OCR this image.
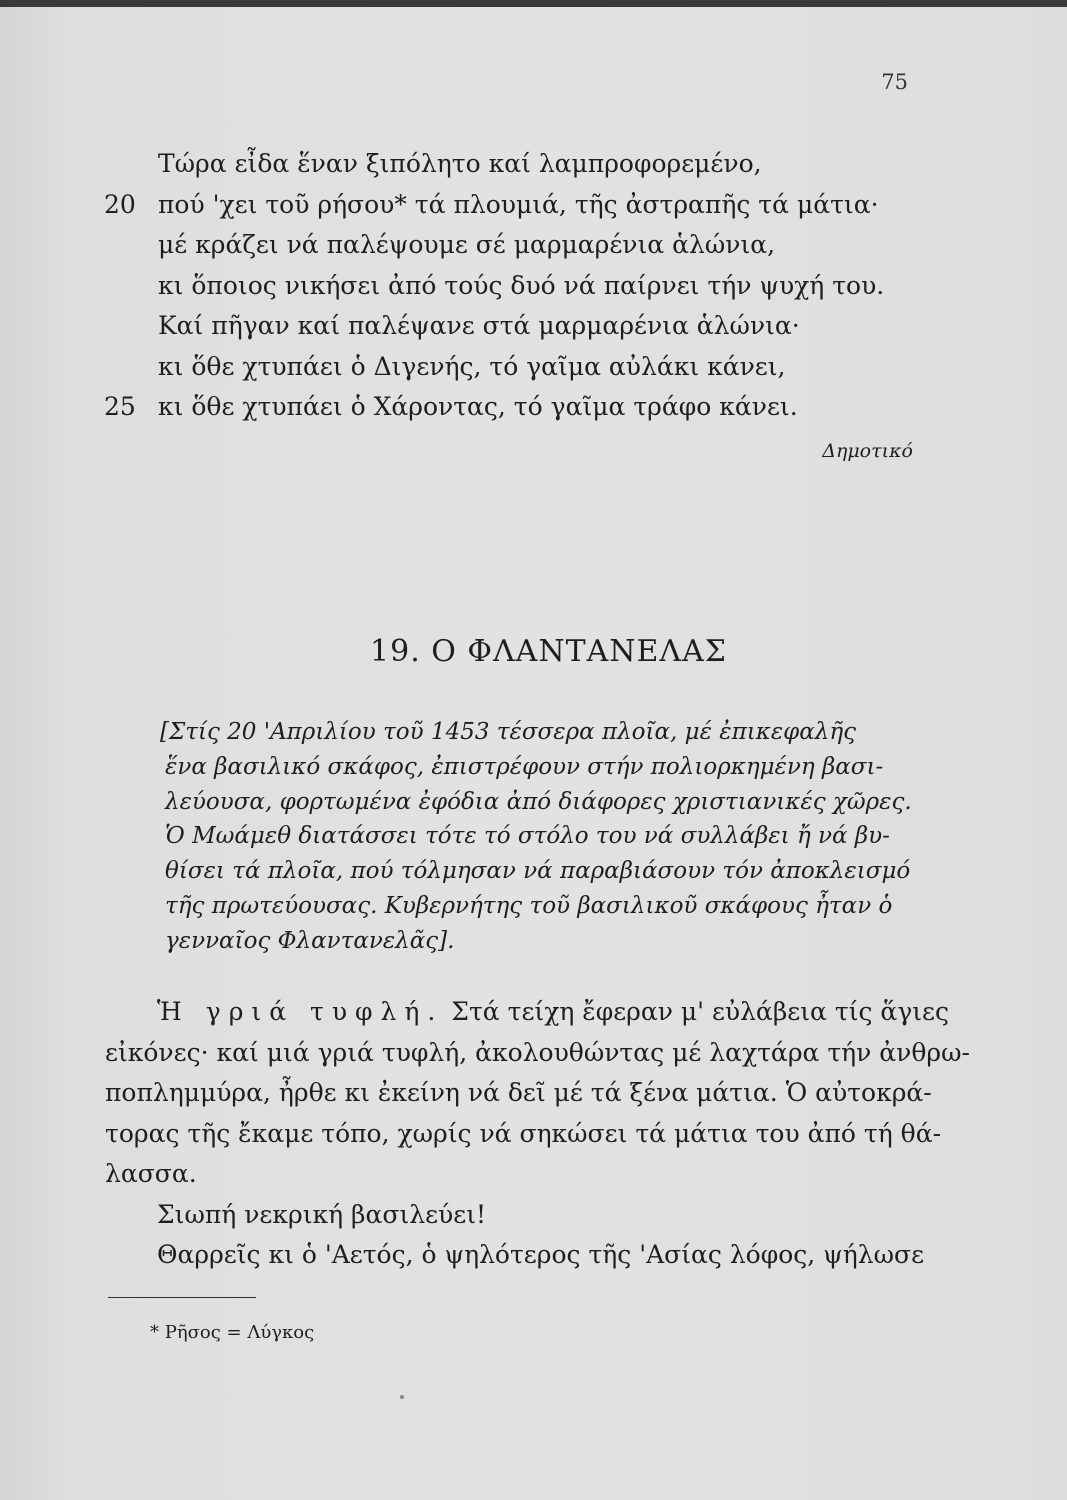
75
Τώρα εἶδα ἕναν ξιπόλητο καί λαμπροφορεμένο,
20 πού 'χει τοῦ ρήσου* τά πλουμιά, τῆς ἀστραπῆς τά μάτια·
μέ κράζει νά παλέψουμε σέ μαρμαρένια ἁλώνια,
κι ὅποιος νικήσει ἀπό τούς δυό νά παίρνει τήν ψυχή του.
Καί πῆγαν καί παλέψανε στά μαρμαρένια ἁλώνια·
κι ὅθε χτυπάει ὁ Διγενής, τό γαῖμα αὐλάκι κάνει,
25 κι ὅθε χτυπάει ὁ Χάροντας, τό γαῖμα τράφο κάνει.
Δημοτικό
19. Ο ΦΛΑΝΤΑΝΕΛΑΣ
[Στίς 20 'Απριλίου τοῦ 1453 τέσσερα πλοῖα, μέ ἐπικεφαλῆς
ἕνα βασιλικό σκάφος, ἐπιστρέφουν στήν πολιορκημένη βασι-
λεύουσα, φορτωμένα ἐφόδια ἀπό διάφορες χριστιανικές χῶρες.
Ὁ Μωάμεθ διατάσσει τότε τό στόλο του νά συλλάβει ἤ νά βυ-
θίσει τά πλοῖα, πού τόλμησαν νά παραβιάσουν τόν ἀποκλεισμό
τῆς πρωτεύουσας. Κυβερνήτης τοῦ βασιλικοῦ σκάφους ἦταν ὁ
γενναῖος Φλαντανελᾶς].
Ἡ γριά τυφλή. Στά τείχη ἔφεραν μ' εὐλάβεια τίς ἅγιες
εἰκόνες· καί μιά γριά τυφλή, ἀκολουθώντας μέ λαχτάρα τήν ἀνθρω-
ποπλημμύρα, ἦρθε κι ἐκείνη νά δεῖ μέ τά ξένα μάτια. Ὁ αὐτοκρά-
τορας τῆς ἔκαμε τόπο, χωρίς νά σηκώσει τά μάτια του ἀπό τή θά-
λασσα.
Σιωπή νεκρική βασιλεύει!
Θαρρεῖς κι ὁ 'Αετός, ὁ ψηλότερος τῆς 'Ασίας λόφος, ψήλωσε
* Ρῆσος = Λύγκος
